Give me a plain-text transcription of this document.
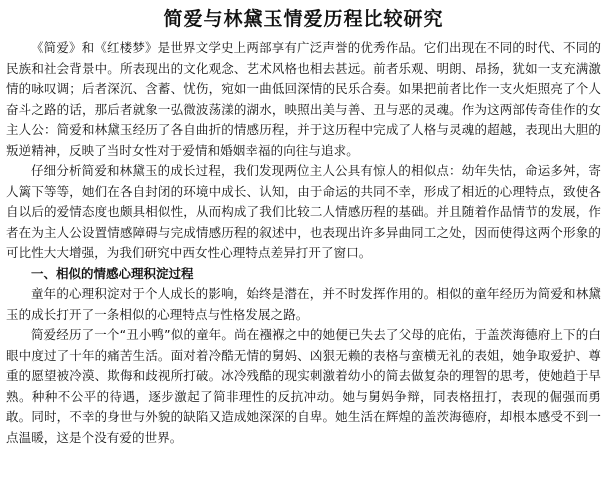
简爱与林黛玉情爱历程比较研究

《简爱》和《红楼梦》是世界文学史上两部享有广泛声誉的优秀作品。它们出现在不同的时代、不同的民族和社会背景中。所表现出的文化观念、艺术风格也相去甚远。前者乐观、明朗、昂扬，犹如一支充满激情的咏叹调；后者深沉、含蓄、忧伤，宛如一曲低回深情的民乐合奏。如果把前者比作一支火炬照亮了个人奋斗之路的话，那后者就象一弘微波荡漾的湖水，映照出美与善、丑与恶的灵魂。作为这两部传奇佳作的女主人公：简爱和林黛玉经历了各自曲折的情感历程，并于这历程中完成了人格与灵魂的超越，表现出大胆的叛逆精神，反映了当时女性对于爱情和婚姻幸福的向往与追求。

仔细分析简爱和林黛玉的成长过程，我们发现两位主人公具有惊人的相似点：幼年失怙，命运多舛，寄人篱下等等，她们在各自封闭的环境中成长、认知，由于命运的共同不幸，形成了相近的心理特点，致使各自以后的爱情态度也颇具相似性，从而构成了我们比较二人情感历程的基础。并且随着作品情节的发展，作者在为主人公设置情感障碍与完成情感历程的叙述中，也表现出许多异曲同工之处，因而使得这两个形象的可比性大大增强，为我们研究中西女性心理特点差异打开了窗口。

一、相似的情感心理积淀过程

童年的心理积淀对于个人成长的影响，始终是潜在，并不时发挥作用的。相似的童年经历为简爱和林黛玉的成长打开了一条相似的心理特点与性格发展之路。

简爱经历了一个“丑小鸭”似的童年。尚在襁褓之中的她便已失去了父母的庇佑，于盖茨海德府上下的白眼中度过了十年的痛苦生活。面对着冷酷无情的舅妈、凶狠无赖的表格与蛮横无礼的表姐，她争取爱护、尊重的愿望被冷漠、欺侮和歧视所打破。冰冷残酷的现实刺激着幼小的简去做复杂的理智的思考，使她趋于早熟。种种不公平的待遇，逐步激起了简非理性的反抗冲动。她与舅妈争辩，同表格扭打，表现的倔强而勇敢。同时，不幸的身世与外貌的缺陷又造成她深深的自卑。她生活在辉煌的盖茨海德府，却根本感受不到一点温暖，这是个没有爱的世界。
